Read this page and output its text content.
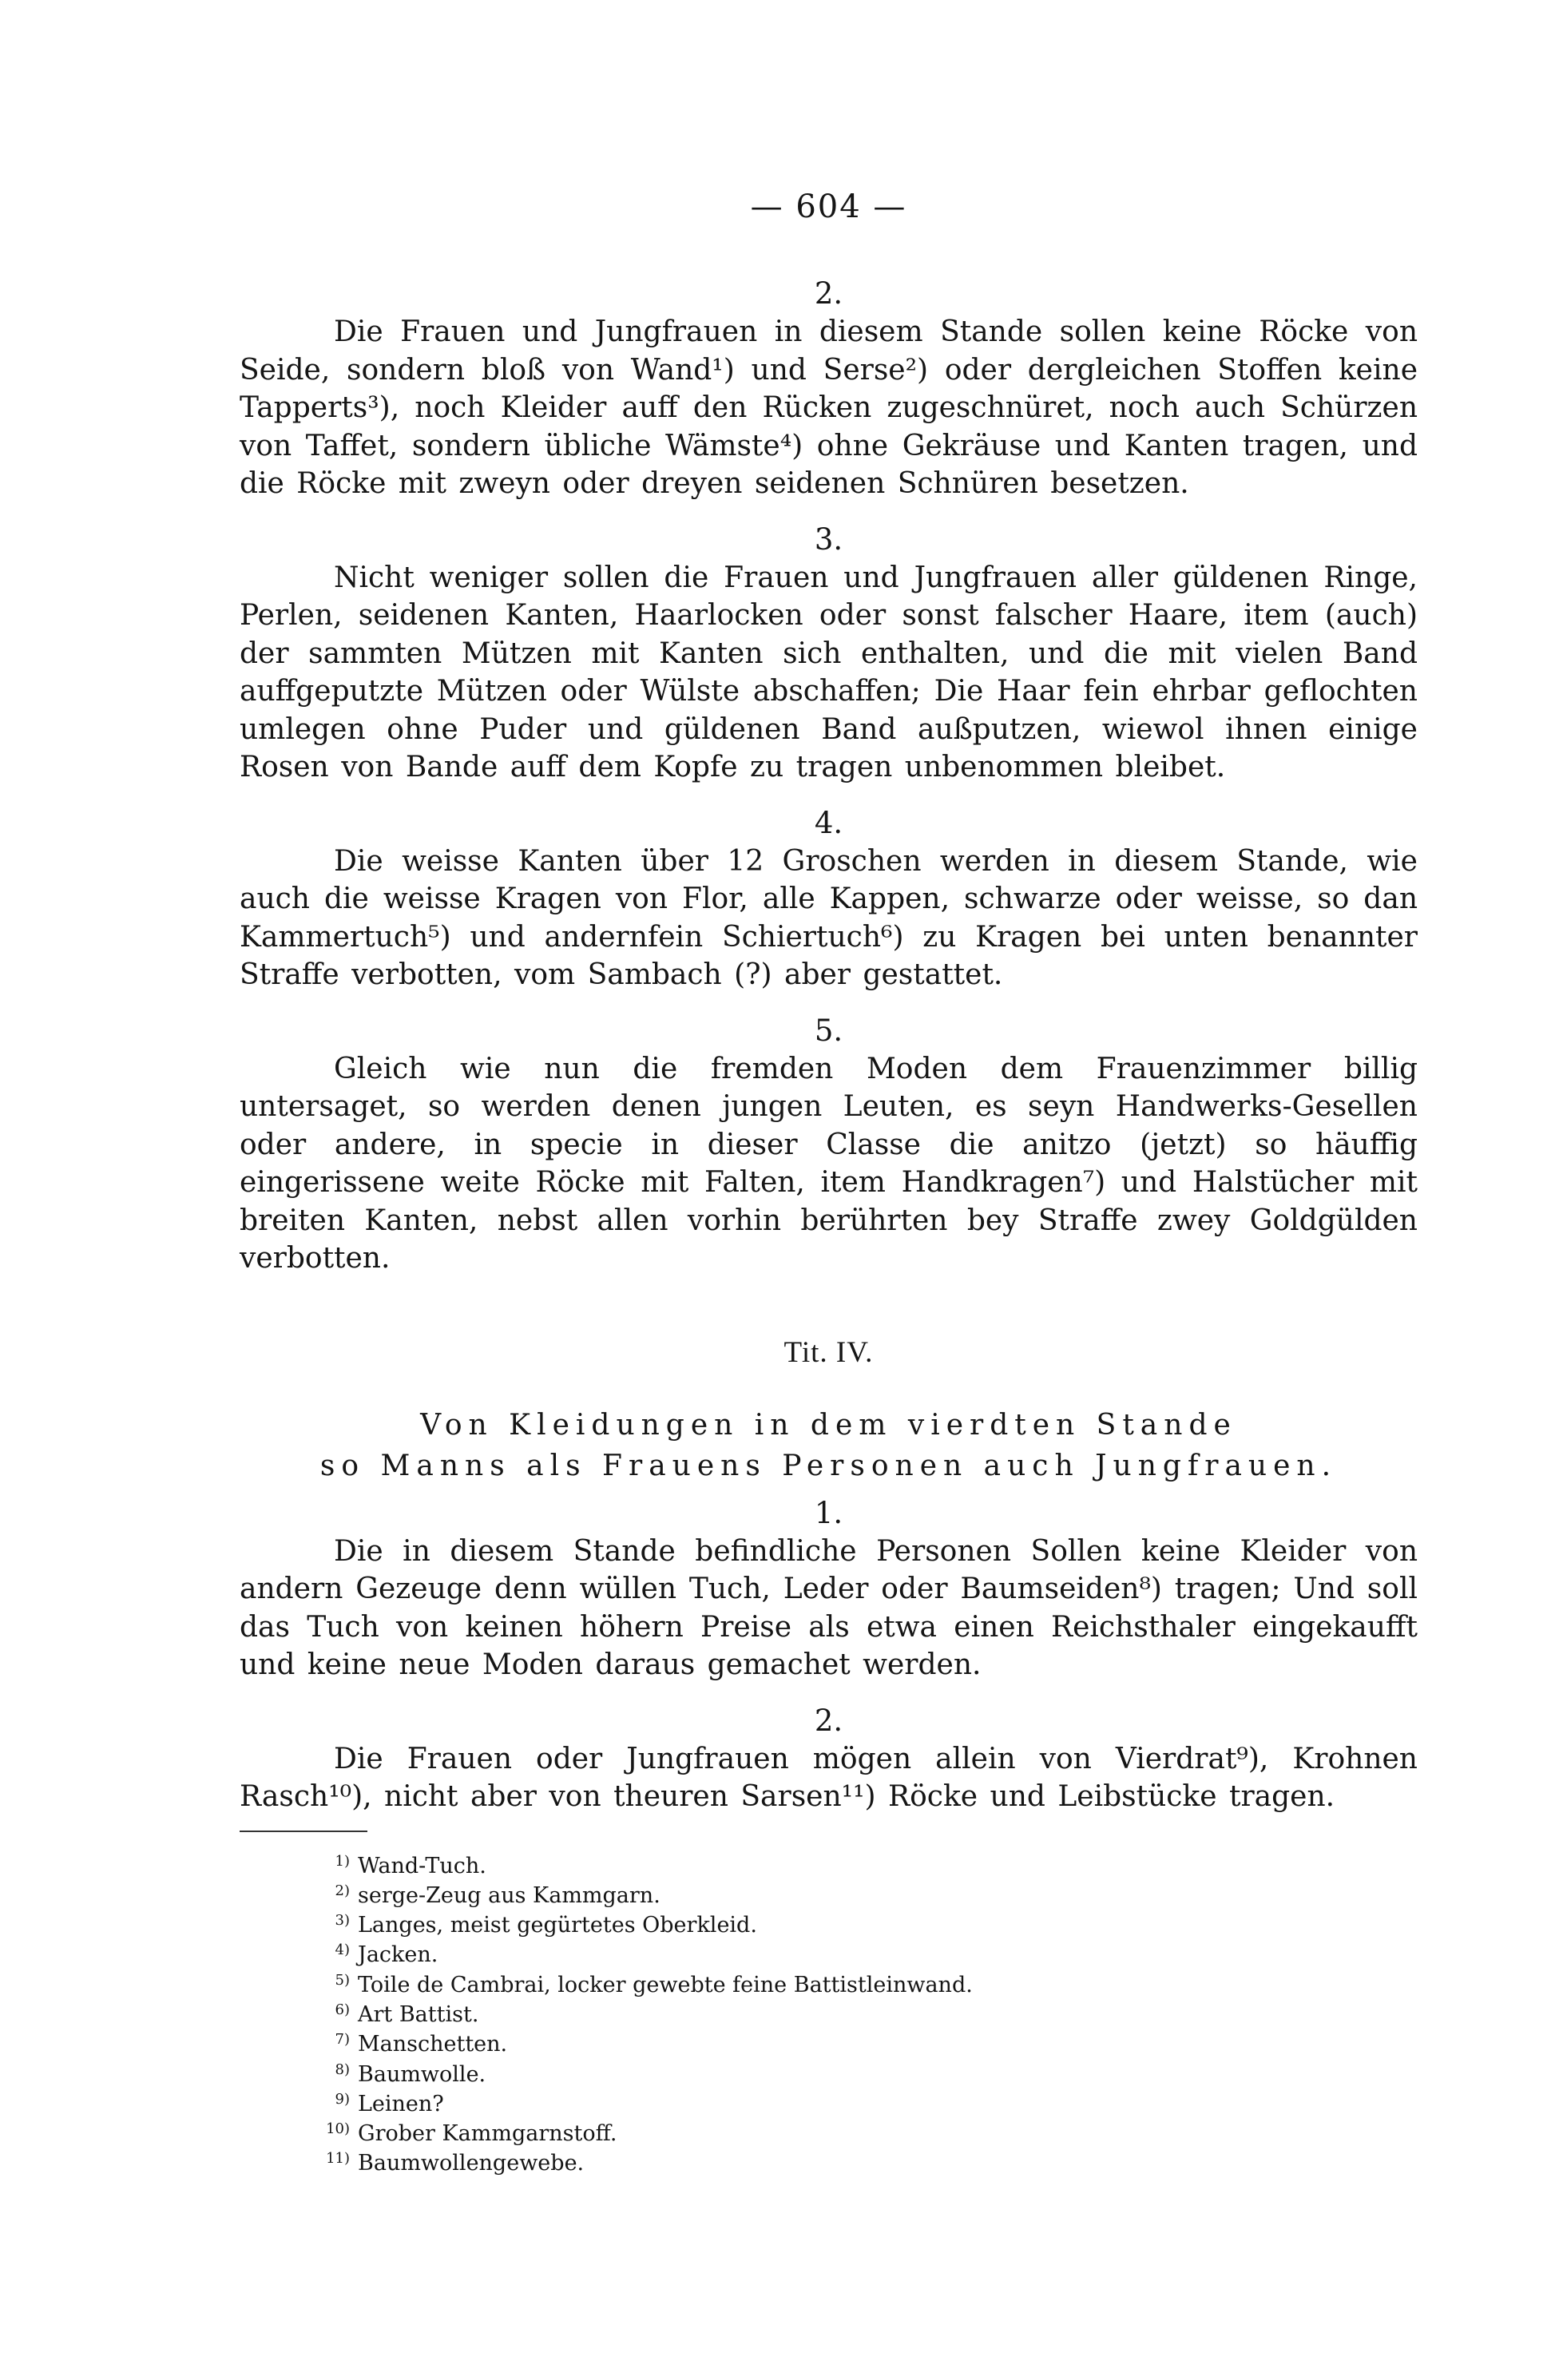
— 604 —
2.

Die Frauen und Jungfrauen in diesem Stande sollen keine Röcke von Seide, sondern bloß von Wand¹) und Serse²) oder dergleichen Stoffen keine Tapperts³), noch Kleider auff den Rücken zugeschnüret, noch auch Schürzen von Taffet, sondern übliche Wämste⁴) ohne Gekräuse und Kanten tragen, und die Röcke mit zweyn oder dreyen seidenen Schnüren besetzen.

3.

Nicht weniger sollen die Frauen und Jungfrauen aller güldenen Ringe, Perlen, seidenen Kanten, Haarlocken oder sonst falscher Haare, item (auch) der sammten Mützen mit Kanten sich enthalten, und die mit vielen Band auffgeputzte Mützen oder Wülste abschaffen; Die Haar fein ehrbar geflochten umlegen ohne Puder und güldenen Band außputzen, wiewol ihnen einige Rosen von Bande auff dem Kopfe zu tragen unbenommen bleibet.

4.

Die weisse Kanten über 12 Groschen werden in diesem Stande, wie auch die weisse Kragen von Flor, alle Kappen, schwarze oder weisse, so dan Kammertuch⁵) und andernfein Schiertuch⁶) zu Kragen bei unten benannter Straffe verbotten, vom Sambach (?) aber gestattet.

5.

Gleich wie nun die fremden Moden dem Frauenzimmer billig untersaget, so werden denen jungen Leuten, es seyn Handwerks-Gesellen oder andere, in specie in dieser Classe die anitzo (jetzt) so häuffig eingerissene weite Röcke mit Falten, item Handkragen⁷) und Halstücher mit breiten Kanten, nebst allen vorhin berührten bey Straffe zwey Goldgülden verbotten.

Tit. IV.
Von Kleidungen in dem vierdten Stande
so Manns als Frauens Personen auch Jungfrauen.
1.

Die in diesem Stande befindliche Personen Sollen keine Kleider von andern Gezeuge denn wüllen Tuch, Leder oder Baumseiden⁸) tragen; Und soll das Tuch von keinen höhern Preise als etwa einen Reichsthaler eingekaufft und keine neue Moden daraus gemachet werden.

2.

Die Frauen oder Jungfrauen mögen allein von Vierdrat⁹), Krohnen Rasch¹⁰), nicht aber von theuren Sarsen¹¹) Röcke und Leibstücke tragen.

1) Wand-Tuch.
2) serge-Zeug aus Kammgarn.
3) Langes, meist gegürtetes Oberkleid.
4) Jacken.
5) Toile de Cambrai, locker gewebte feine Battistleinwand.
6) Art Battist.
7) Manschetten.
8) Baumwolle.
9) Leinen?
10) Grober Kammgarnstoff.
11) Baumwollengewebe.
